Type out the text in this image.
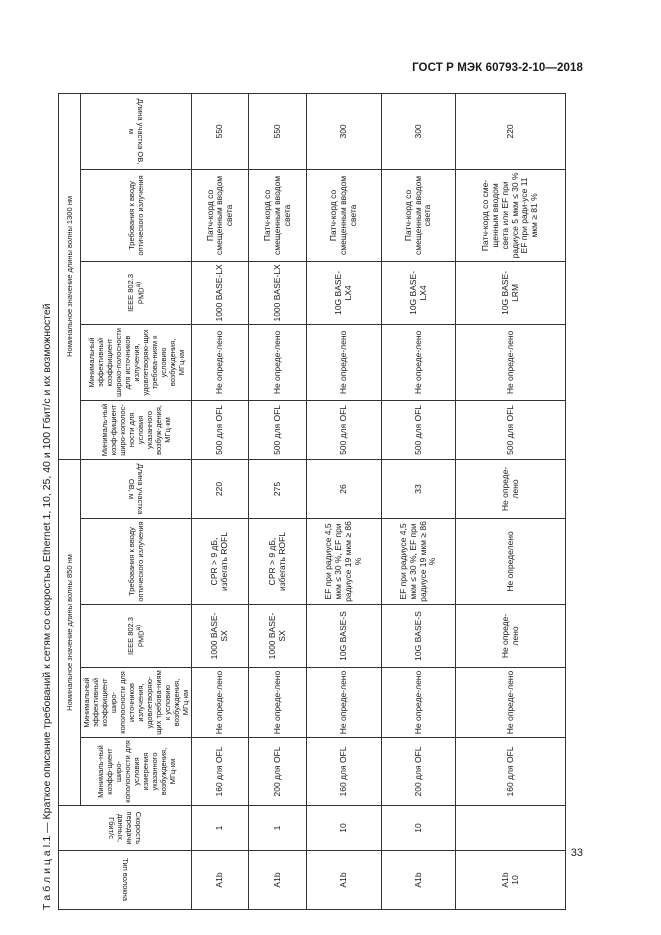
ГОСТ Р МЭК 60793-2-10—2018
Т а б л и ц а I.1 — Краткое описание требований к сетям со скоростью Ethernet 1, 10, 25, 40 и 100 Гбит/с и их возможностей	Тип волокна	Скорость передачи данных, Гбит/с	Номинальное значение длины волны 850 нм					Номинальное значение длины волны 1300 нм				
		Минималь-ный коэфф-циент широ-кополосности для условия измерения указанного возбуждения, МГц·км	Минимальный эффективный коэффициент широ-кополосности для источников излучения, удовлетворяю-щих требова-ниям к условию возбуждения, МГц·км	IEEE 802.3 PMD$^{a)}$	Требования к вводу оптического излучения	Длина участка ОВ, м	Минималь-ный коэф-фициент широ-кополос-ности для условия указанного возбуж-дения, МГц·км	Минимальный эффективный коэффициент широко-полосности для источников излучения, удовлетворяю-щих требова-ниям к условию возбуждения, МГц·км	IEEE 802.3 PMD$^{a)}$	Требования к вводу оптического излучения	Длина участка ОВ, м
A1b	1	160 для OFL	Не опреде-лено	1000 BASE-SX	CPR > 9 дБ, избегать ROFL	220	500 для OFL	Не опреде-лено	1000 BASE-LX	Патч-корд со смещенным вводом света	550
A1b	1	200 для OFL	Не опреде-лено	1000 BASE-SX	CPR > 9 дБ, избегать ROFL	275	500 для OFL	Не опреде-лено	1000 BASE-LX	Патч-корд со смещенным вводом света	550
A1b	10	160 для OFL	Не опреде-лено	10G BASE-S	EF при радиусе 4,5 мкм ≤ 30 %, EF при радиусе 19 мкм ≥ 86 %	26	500 для OFL	Не опреде-лено	10G BASE-LX4	Патч-корд со смещенным вводом света	300
A1b	10	200 для OFL	Не опреде-лено	10G BASE-S	EF при радиусе 4,5 мкм ≤ 30 %, EF при радиусе 19 мкм ≥ 86 %	33	500 для OFL	Не опреде-лено	10G BASE-LX4	Патч-корд со смещенным вводом света	300

A1b 10		160 для OFL	Не опреде-лено	Не опреде-лено	Не определено	Не опреде-лено	500 для OFL	Не опреде-лено	10G BASE-LRM	Патч-корд со сме-щенным вводом света или EF при радиусе 5 мкм ≤ 30 % EF при ради-усе 11 мкм ≥ 81 %	220
33
